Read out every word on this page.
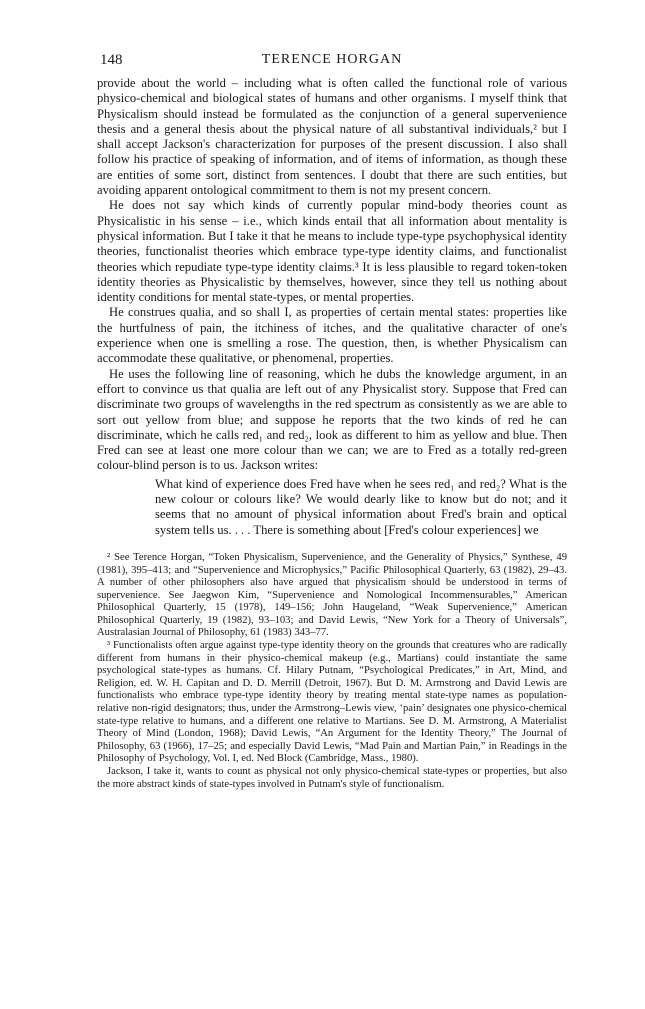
148	TERENCE HORGAN

provide about the world – including what is often called the functional role of various physico-chemical and biological states of humans and other organisms. I myself think that Physicalism should instead be formulated as the conjunction of a general supervenience thesis and a general thesis about the physical nature of all substantival individuals,² but I shall accept Jackson's characterization for purposes of the present discussion. I also shall follow his practice of speaking of information, and of items of information, as though these are entities of some sort, distinct from sentences. I doubt that there are such entities, but avoiding apparent ontological commitment to them is not my present concern.

He does not say which kinds of currently popular mind-body theories count as Physicalistic in his sense – i.e., which kinds entail that all information about mentality is physical information. But I take it that he means to include type-type psychophysical identity theories, functionalist theories which embrace type-type identity claims, and functionalist theories which repudiate type-type identity claims.³ It is less plausible to regard token-token identity theories as Physicalistic by themselves, however, since they tell us nothing about identity conditions for mental state-types, or mental properties.

He construes qualia, and so shall I, as properties of certain mental states: properties like the hurtfulness of pain, the itchiness of itches, and the qualitative character of one's experience when one is smelling a rose. The question, then, is whether Physicalism can accommodate these qualitative, or phenomenal, properties.

He uses the following line of reasoning, which he dubs the knowledge argument, in an effort to convince us that qualia are left out of any Physicalist story. Suppose that Fred can discriminate two groups of wavelengths in the red spectrum as consistently as we are able to sort out yellow from blue; and suppose he reports that the two kinds of red he can discriminate, which he calls red₁ and red₂, look as different to him as yellow and blue. Then Fred can see at least one more colour than we can; we are to Fred as a totally red-green colour-blind person is to us. Jackson writes:

What kind of experience does Fred have when he sees red₁ and red₂? What is the new colour or colours like? We would dearly like to know but do not; and it seems that no amount of physical information about Fred's brain and optical system tells us. . . . There is something about [Fred's colour experiences] we

² See Terence Horgan, “Token Physicalism, Supervenience, and the Generality of Physics,” Synthese, 49 (1981), 395–413; and “Supervenience and Microphysics,” Pacific Philosophical Quarterly, 63 (1982), 29–43. A number of other philosophers also have argued that physicalism should be understood in terms of supervenience. See Jaegwon Kim, “Supervenience and Nomological Incommensurables,” American Philosophical Quarterly, 15 (1978), 149–156; John Haugeland, “Weak Supervenience,” American Philosophical Quarterly, 19 (1982), 93–103; and David Lewis, “New York for a Theory of Universals”, Australasian Journal of Philosophy, 61 (1983) 343–77.

³ Functionalists often argue against type-type identity theory on the grounds that creatures who are radically different from humans in their physico-chemical makeup (e.g., Martians) could instantiate the same psychological state-types as humans. Cf. Hilary Putnam, “Psychological Predicates,” in Art, Mind, and Religion, ed. W. H. Capitan and D. D. Merrill (Detroit, 1967). But D. M. Armstrong and David Lewis are functionalists who embrace type-type identity theory by treating mental state-type names as population-relative non-rigid designators; thus, under the Armstrong–Lewis view, ‘pain’ designates one physico-chemical state-type relative to humans, and a different one relative to Martians. See D. M. Armstrong, A Materialist Theory of Mind (London, 1968); David Lewis, “An Argument for the Identity Theory,” The Journal of Philosophy, 63 (1966), 17–25; and especially David Lewis, “Mad Pain and Martian Pain,” in Readings in the Philosophy of Psychology, Vol. I, ed. Ned Block (Cambridge, Mass., 1980).

Jackson, I take it, wants to count as physical not only physico-chemical state-types or properties, but also the more abstract kinds of state-types involved in Putnam's style of functionalism.
